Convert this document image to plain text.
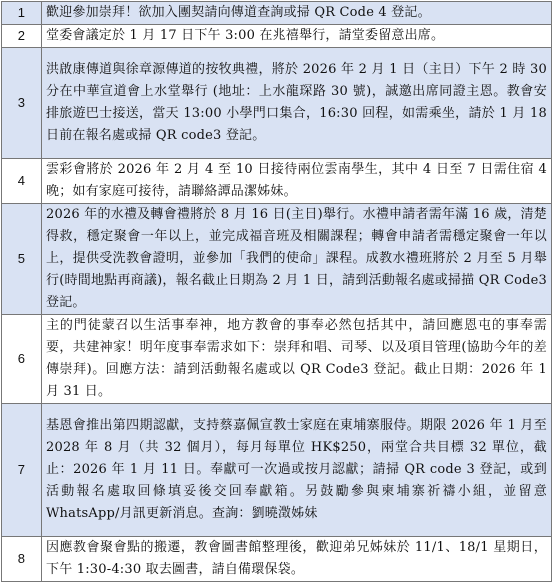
1	歡迎參加崇拜！欲加入團契請向傳道查詢或掃 QR Code 4 登記。
2	堂委會議定於 1 月 17 日下午 3:00 在兆禧舉行，請堂委留意出席。
3	洪啟康傳道與徐章源傳道的按牧典禮，將於 2026 年 2 月 1 日（主日）下午 2 時 30 分在中華宣道會上水堂舉行 (地址：上水龍琛路 30 號)，誠邀出席同證主恩。教會安排旅遊巴士接送，當天 13:00 小學門口集合，16:30 回程，如需乘坐，請於 1 月 18 日前在報名處或掃 QR code3 登記。
4	雲彩會將於 2026 年 2 月 4 至 10 日接待兩位雲南學生，其中 4 日至 7 日需住宿 4 晚；如有家庭可接待，請聯絡譚品潔姊妹。
5	2026 年的水禮及轉會禮將於 8 月 16 日(主日)舉行。水禮申請者需年滿 16 歲，清楚得救，穩定聚會一年以上，並完成福音班及相關課程；轉會申請者需穩定聚會一年以上，提供受洗教會證明，並參加「我們的使命」課程。成教水禮班將於 2 月至 5 月舉行(時間地點再商議)，報名截止日期為 2 月 1 日，請到活動報名處或掃描 QR Code3 登記。
6	主的門徒蒙召以生活事奉神，地方教會的事奉必然包括其中，請回應恩屯的事奉需要，共建神家！明年度事奉需求如下：崇拜和唱、司琴、以及項目管理(協助今年的差傳崇拜)。回應方法：請到活動報名處或以 QR Code3 登記。截止日期：2026 年 1 月 31 日。
7	基恩會推出第四期認獻，支持蔡嘉佩宣教士家庭在東埔寨服侍。期限 2026 年 1 月至 2028 年 8 月（共 32 個月），每月每單位 HK$250，兩堂合共目標 32 單位，截止：2026 年 1 月 11 日。奉獻可一次過或按月認獻；請掃 QR code 3 登記，或到活動報名處取回條填妥後交回奉獻箱。另鼓勵參與柬埔寨祈禱小組，並留意 WhatsApp/月訊更新消息。查詢：劉曉澂姊妹
8	因應教會聚會點的搬遷，教會圖書館整理後，歡迎弟兄姊妹於 11/1、18/1 星期日，下午 1:30-4:30 取去圖書，請自備環保袋。
